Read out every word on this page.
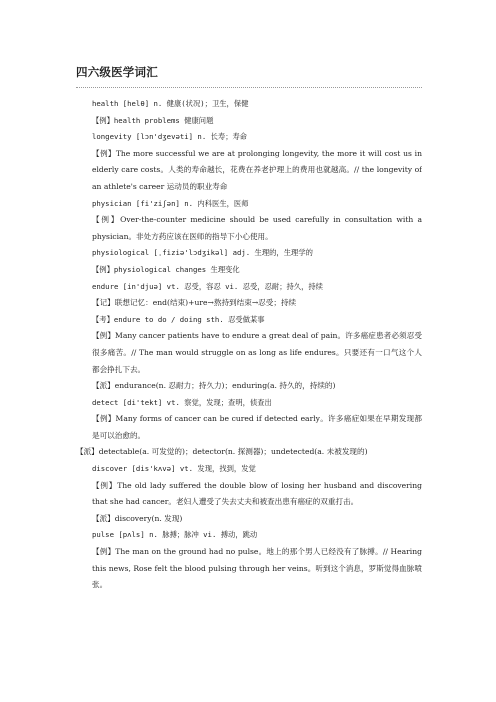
四六级医学词汇

health [helθ] n. 健康(状况)；卫生，保健

【例】health problems 健康问题

longevity [lɔn'dʒevəti] n. 长寿；寿命

【例】The more successful we are at prolonging longevity, the more it will cost us in elderly care costs。人类的寿命越长，花费在养老护理上的费用也就越高。// the longevity of an athlete's career 运动员的职业寿命

physician [fi'ziʃən] n. 内科医生，医师

【例】Over-the-counter medicine should be used carefully in consultation with a physician。非处方药应该在医师的指导下小心使用。

physiological [ˌfiziə'lɔdʒikəl] adj. 生理的，生理学的

【例】physiological changes 生理变化

endure [in'djuə] vt. 忍受，容忍 vi. 忍受，忍耐；持久，持续

【记】联想记忆：end(结束)+ure→熬持到结束→忍受；持续

【考】endure to do / doing sth. 忍受做某事

【例】Many cancer patients have to endure a great deal of pain。许多癌症患者必须忍受很多痛苦。// The man would struggle on as long as life endures。只要还有一口气这个人都会挣扎下去。

【派】endurance(n. 忍耐力；持久力)；enduring(a. 持久的，持续的)

detect [di'tekt] vt. 察觉，发现；查明，侦查出

【例】Many forms of cancer can be cured if detected early。许多癌症如果在早期发现都是可以治愈的。

【派】detectable(a. 可发觉的)；detector(n. 探测器)；undetected(a. 未被发现的)

discover [dis'kʌvə] vt. 发现，找到，发觉

【例】The old lady suffered the double blow of losing her husband and discovering that she had cancer。老妇人遭受了失去丈夫和被查出患有癌症的双重打击。

【派】discovery(n. 发现)

pulse [pʌls] n. 脉搏；脉冲 vi. 搏动，跳动

【例】The man on the ground had no pulse。地上的那个男人已经没有了脉搏。// Hearing this news, Rose felt the blood pulsing through her veins。听到这个消息，罗斯觉得血脉喷张。
